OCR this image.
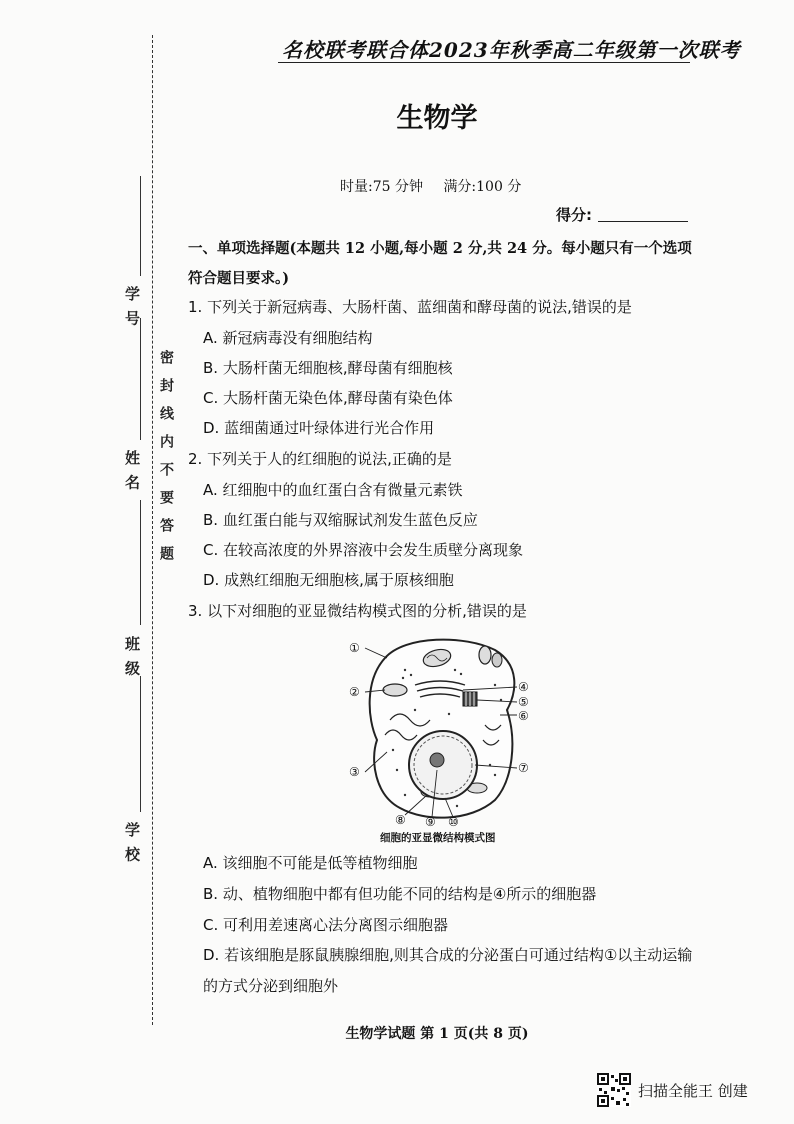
学 号
姓 名
班 级
学 校
密封线内不要答题
名校联考联合体2023年秋季高二年级第一次联考
生物学
时量:75 分钟 满分:100 分
得分:
一、单项选择题(本题共 12 小题,每小题 2 分,共 24 分。每小题只有一个选项符合题目要求。)
1. 下列关于新冠病毒、大肠杆菌、蓝细菌和酵母菌的说法,错误的是
A. 新冠病毒没有细胞结构
B. 大肠杆菌无细胞核,酵母菌有细胞核
C. 大肠杆菌无染色体,酵母菌有染色体
D. 蓝细菌通过叶绿体进行光合作用
2. 下列关于人的红细胞的说法,正确的是
A. 红细胞中的血红蛋白含有微量元素铁
B. 血红蛋白能与双缩脲试剂发生蓝色反应
C. 在较高浓度的外界溶液中会发生质壁分离现象
D. 成熟红细胞无细胞核,属于原核细胞
3. 以下对细胞的亚显微结构模式图的分析,错误的是
①
②
③
④
⑤
⑥
⑦
⑧ ⑨ ⑩
细胞的亚显微结构模式图
A. 该细胞不可能是低等植物细胞
B. 动、植物细胞中都有但功能不同的结构是④所示的细胞器
C. 可利用差速离心法分离图示细胞器
D. 若该细胞是豚鼠胰腺细胞,则其合成的分泌蛋白可通过结构①以主动运输的方式分泌到细胞外
生物学试题 第 1 页(共 8 页)
扫描全能王 创建
